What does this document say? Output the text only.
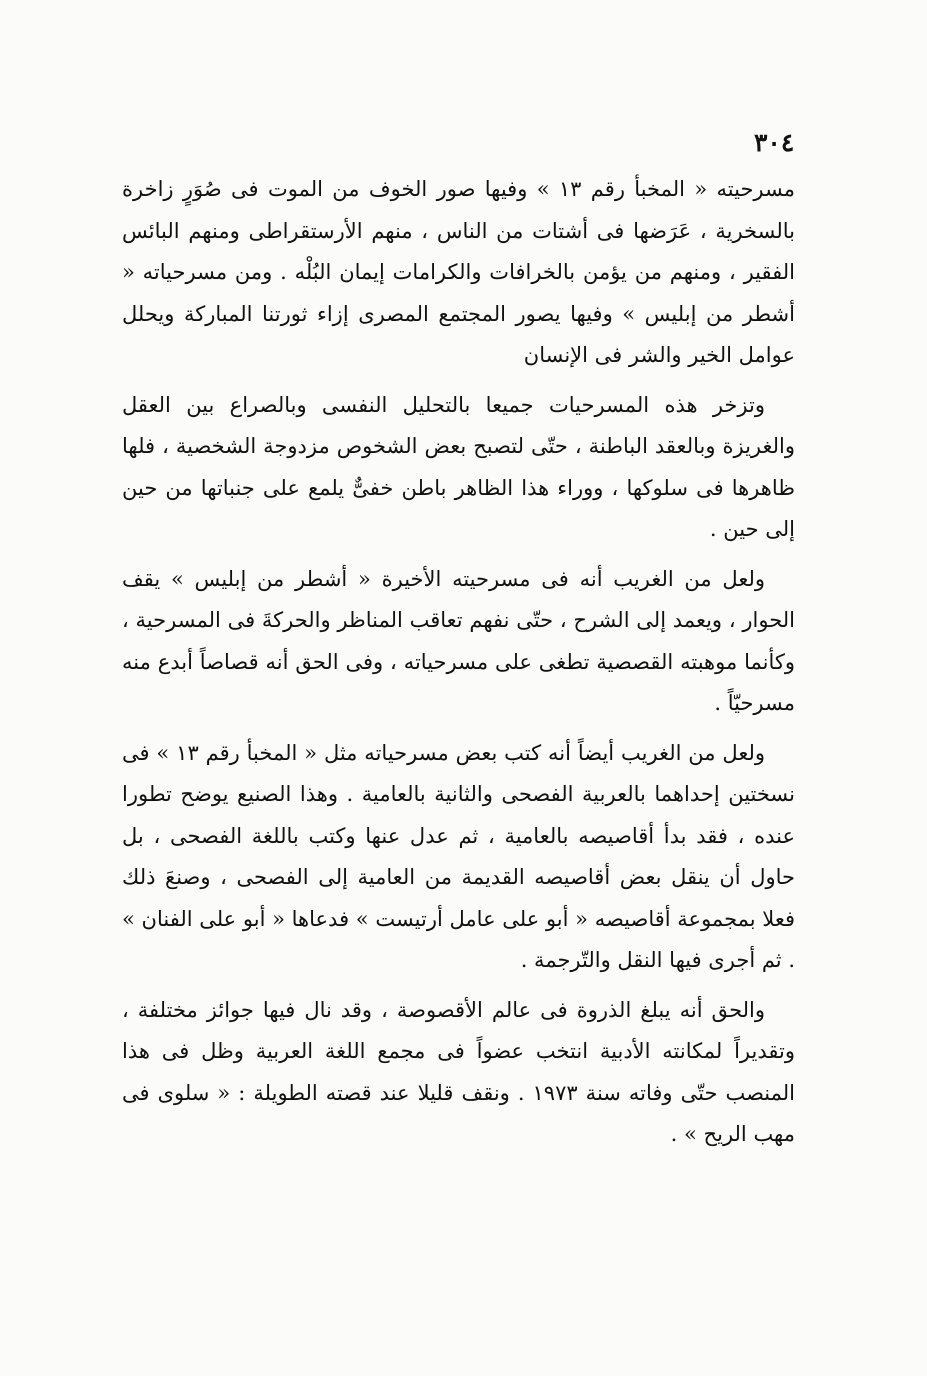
٣٠٤

مسرحيته « المخبأ رقم ١٣ » وفيها صور الخوف من الموت فى صُوَرٍ زاخرة بالسخرية ، عَرَضها فى أشتات من الناس ، منهم الأرستقراطى ومنهم البائس الفقير ، ومنهم من يؤمن بالخرافات والكرامات إيمان البُلْه . ومن مسرحياته « أشطر من إبليس » وفيها يصور المجتمع المصرى إزاء ثورتنا المباركة ويحلل عوامل الخير والشر فى الإنسان

وتزخر هذه المسرحيات جميعا بالتحليل النفسى وبالصراع بين العقل والغريزة وبالعقد الباطنة ، حتّى لتصبح بعض الشخوص مزدوجة الشخصية ، فلها ظاهرها فى سلوكها ، ووراء هذا الظاهر باطن خفىٌّ يلمع على جنباتها من حين إلى حين .

ولعل من الغريب أنه فى مسرحيته الأخيرة « أشطر من إبليس » يقف الحوار ، ويعمد إلى الشرح ، حتّى نفهم تعاقب المناظر والحركةَ فى المسرحية ، وكأنما موهبته القصصية تطغى على مسرحياته ، وفى الحق أنه قصاصاً أبدع منه مسرحيّاً .

ولعل من الغريب أيضاً أنه كتب بعض مسرحياته مثل « المخبأ رقم ١٣ » فى نسختين إحداهما بالعربية الفصحى والثانية بالعامية . وهذا الصنيع يوضح تطورا عنده ، فقد بدأ أقاصيصه بالعامية ، ثم عدل عنها وكتب باللغة الفصحى ، بل حاول أن ينقل بعض أقاصيصه القديمة من العامية إلى الفصحى ، وصنعَ ذلك فعلا بمجموعة أقاصيصه « أبو على عامل أرتيست » فدعاها « أبو على الفنان » . ثم أجرى فيها النقل والتّرجمة .

والحق أنه يبلغ الذروة فى عالم الأقصوصة ، وقد نال فيها جوائز مختلفة ، وتقديراً لمكانته الأدبية انتخب عضواً فى مجمع اللغة العربية وظل فى هذا المنصب حتّى وفاته سنة ١٩٧٣ . ونقف قليلا عند قصته الطويلة : « سلوى فى مهب الريح » .
